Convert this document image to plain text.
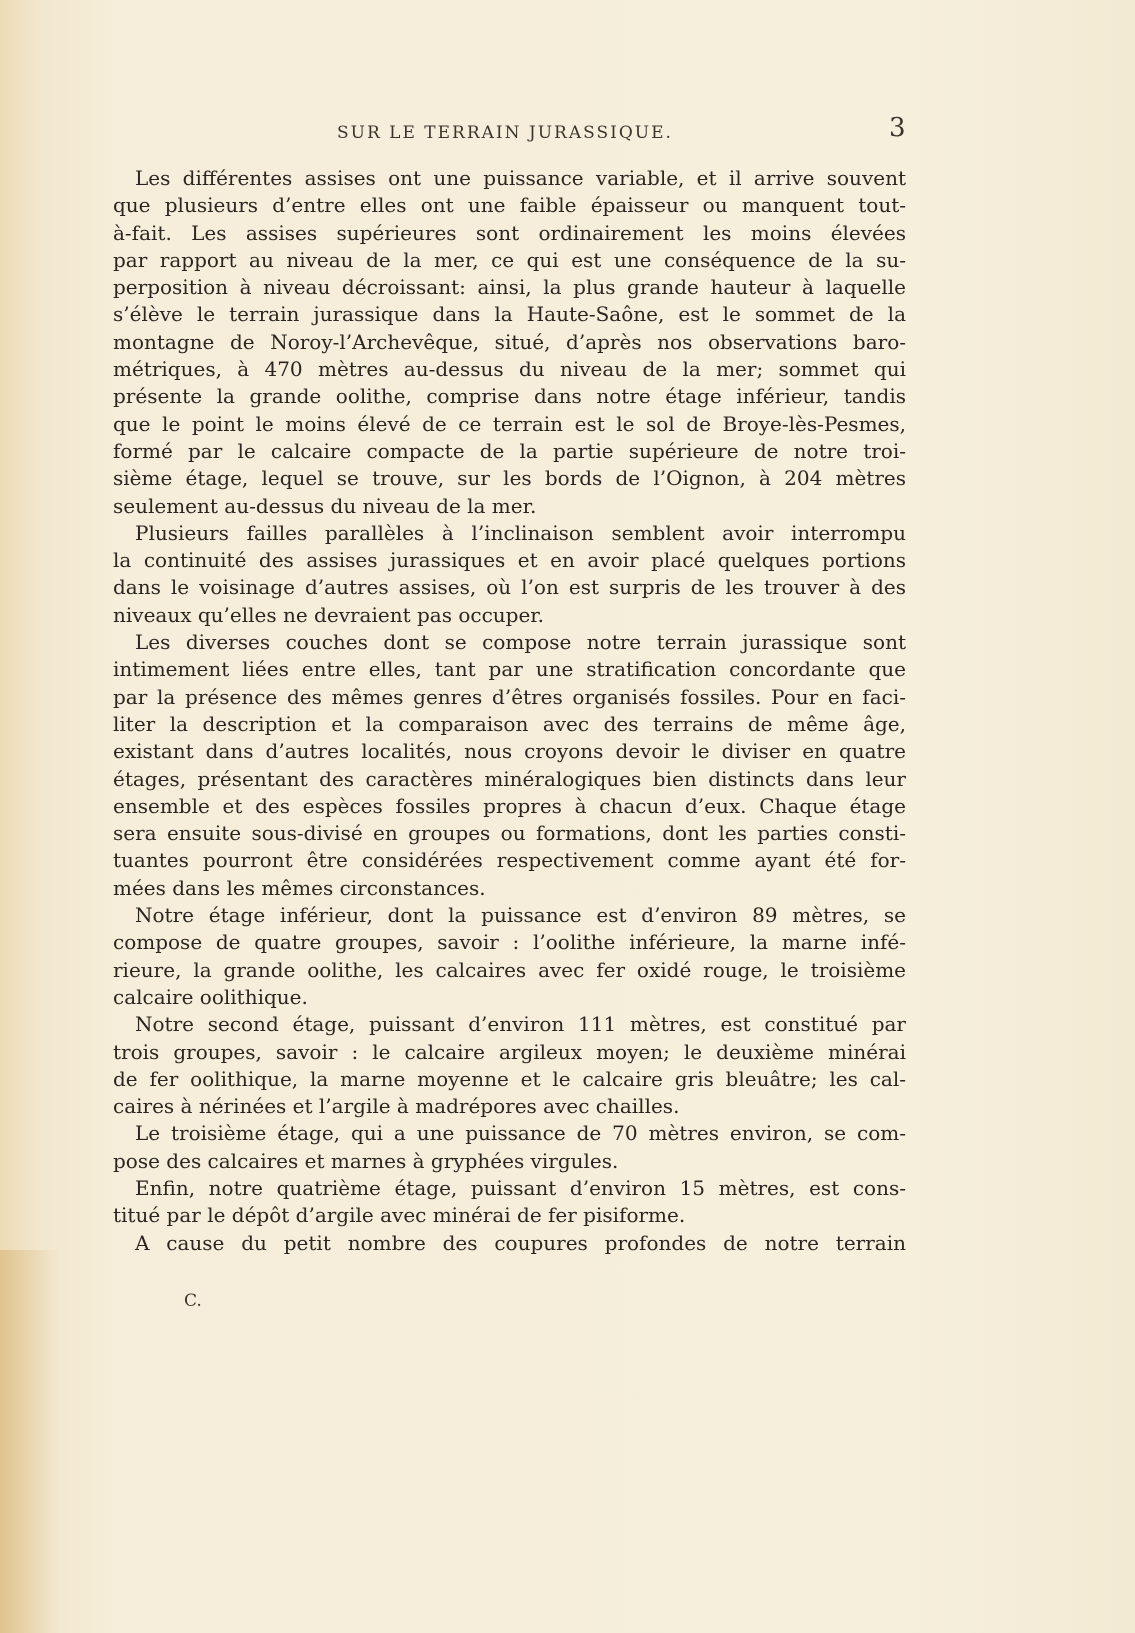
SUR LE TERRAIN JURASSIQUE.	3
Les différentes assises ont une puissance variable, et il arrive souvent
que plusieurs d’entre elles ont une faible épaisseur ou manquent tout-
à-fait. Les assises supérieures sont ordinairement les moins élevées
par rapport au niveau de la mer, ce qui est une conséquence de la su-
perposition à niveau décroissant: ainsi, la plus grande hauteur à laquelle
s’élève le terrain jurassique dans la Haute-Saône, est le sommet de la
montagne de Noroy-l’Archevêque, situé, d’après nos observations baro-
métriques, à 470 mètres au-dessus du niveau de la mer; sommet qui
présente la grande oolithe, comprise dans notre étage inférieur, tandis
que le point le moins élevé de ce terrain est le sol de Broye-lès-Pesmes,
formé par le calcaire compacte de la partie supérieure de notre troi-
sième étage, lequel se trouve, sur les bords de l’Oignon, à 204 mètres
seulement au-dessus du niveau de la mer.
Plusieurs failles parallèles à l’inclinaison semblent avoir interrompu
la continuité des assises jurassiques et en avoir placé quelques portions
dans le voisinage d’autres assises, où l’on est surpris de les trouver à des
niveaux qu’elles ne devraient pas occuper.
Les diverses couches dont se compose notre terrain jurassique sont
intimement liées entre elles, tant par une stratification concordante que
par la présence des mêmes genres d’êtres organisés fossiles. Pour en faci-
liter la description et la comparaison avec des terrains de même âge,
existant dans d’autres localités, nous croyons devoir le diviser en quatre
étages, présentant des caractères minéralogiques bien distincts dans leur
ensemble et des espèces fossiles propres à chacun d’eux. Chaque étage
sera ensuite sous-divisé en groupes ou formations, dont les parties consti-
tuantes pourront être considérées respectivement comme ayant été for-
mées dans les mêmes circonstances.
Notre étage inférieur, dont la puissance est d’environ 89 mètres, se
compose de quatre groupes, savoir : l’oolithe inférieure, la marne infé-
rieure, la grande oolithe, les calcaires avec fer oxidé rouge, le troisième
calcaire oolithique.
Notre second étage, puissant d’environ 111 mètres, est constitué par
trois groupes, savoir : le calcaire argileux moyen; le deuxième minérai
de fer oolithique, la marne moyenne et le calcaire gris bleuâtre; les cal-
caires à nérinées et l’argile à madrépores avec chailles.
Le troisième étage, qui a une puissance de 70 mètres environ, se com-
pose des calcaires et marnes à gryphées virgules.
Enfin, notre quatrième étage, puissant d’environ 15 mètres, est cons-
titué par le dépôt d’argile avec minérai de fer pisiforme.
A cause du petit nombre des coupures profondes de notre terrain
C.
